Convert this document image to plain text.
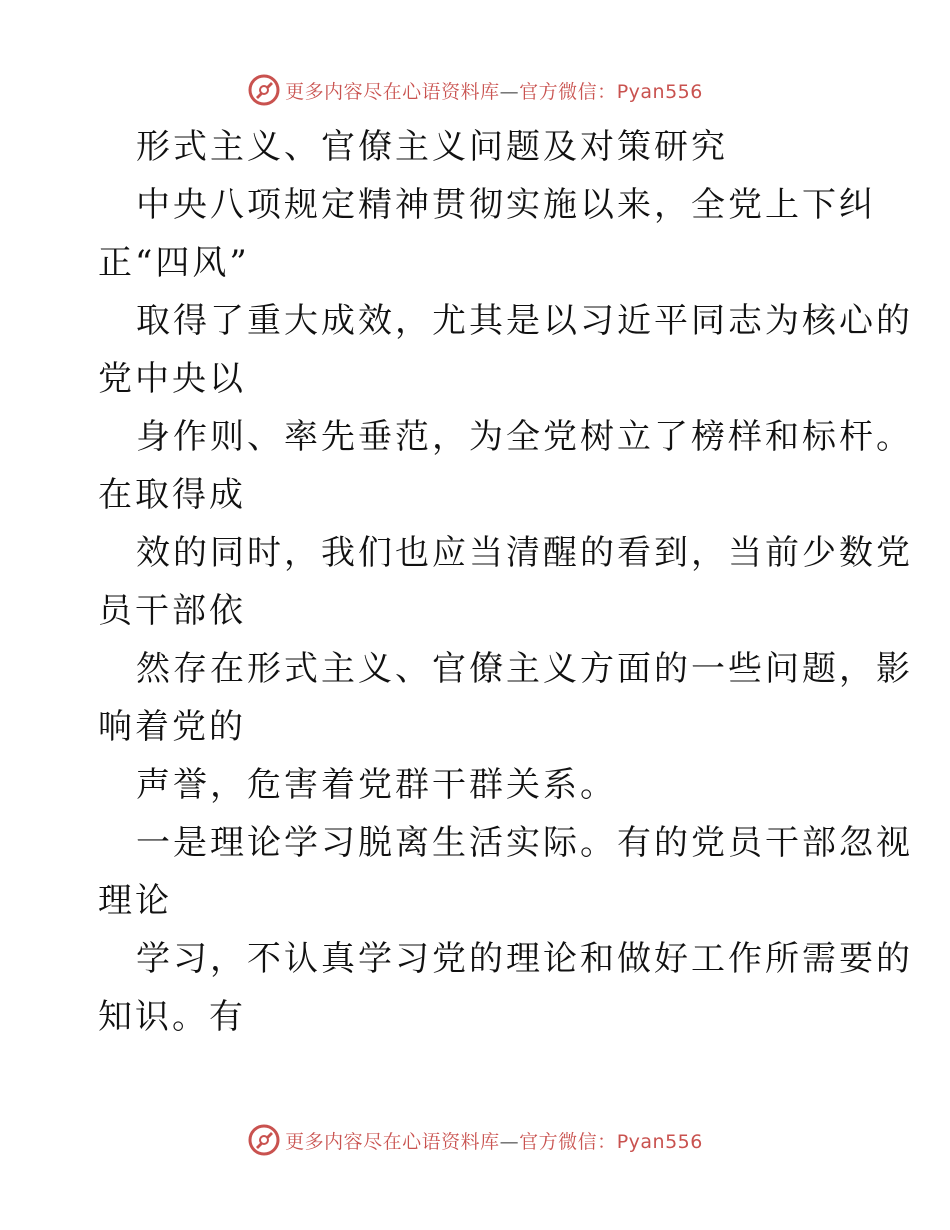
更多内容尽在心语资料库—官方微信：Pyan556
形式主义、官僚主义问题及对策研究
中央八项规定精神贯彻实施以来，全党上下纠
正“四风”
取得了重大成效，尤其是以习近平同志为核心的
党中央以
身作则、率先垂范，为全党树立了榜样和标杆。
在取得成
效的同时，我们也应当清醒的看到，当前少数党
员干部依
然存在形式主义、官僚主义方面的一些问题，影
响着党的
声誉，危害着党群干群关系。
一是理论学习脱离生活实际。有的党员干部忽视
理论
学习，不认真学习党的理论和做好工作所需要的
知识。有
更多内容尽在心语资料库—官方微信：Pyan556
